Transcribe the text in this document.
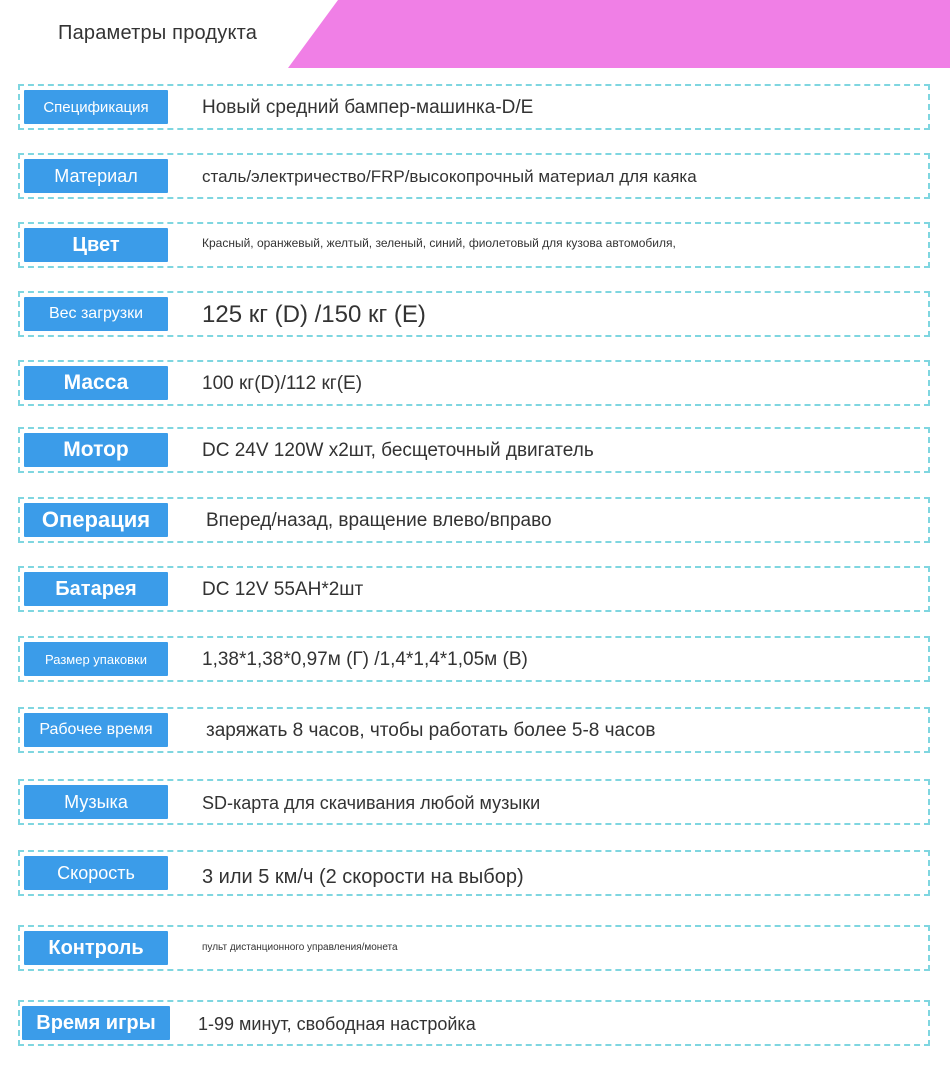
Параметры продукта
Спецификация	Новый средний бампер-машинка-D/E
Материал	сталь/электричество/FRP/высокопрочный материал для каяка
Цвет	Красный, оранжевый, желтый, зеленый, синий, фиолетовый для кузова автомобиля,
Вес загрузки	125 кг (D) /150 кг (E)
Масса	100 кг(D)/112 кг(E)
Мотор	DC 24V 120W x2шт, бесщеточный двигатель
Операция	Вперед/назад, вращение влево/вправо
Батарея	DC 12V 55AH*2шт
Размер упаковки	1,38*1,38*0,97м (Г) /1,4*1,4*1,05м (В)
Рабочее время	заряжать 8 часов, чтобы работать более 5-8 часов
Музыка	SD-карта для скачивания любой музыки
Скорость	3 или 5 км/ч (2 скорости на выбор)
Контроль	пульт дистанционного управления/монета
Время игры	1-99 минут, свободная настройка
